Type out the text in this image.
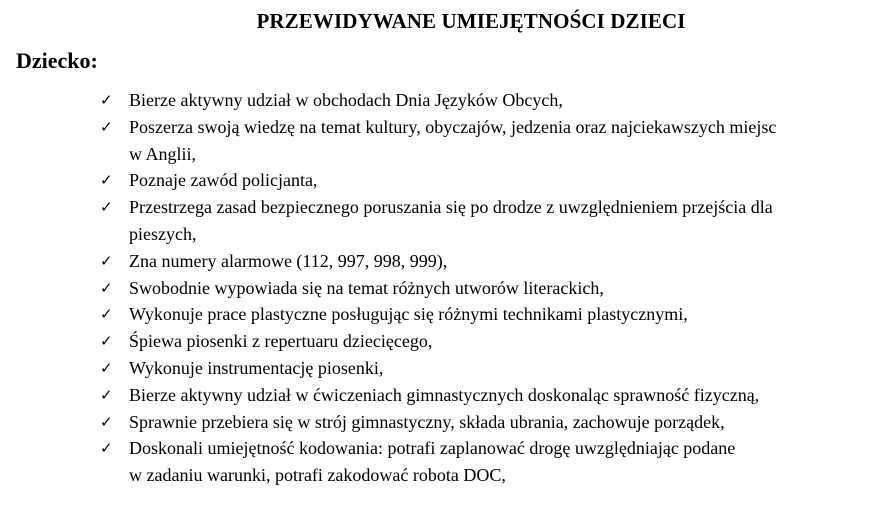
PRZEWIDYWANE UMIEJĘTNOŚCI DZIECI
Dziecko:
✓ Bierze aktywny udział w obchodach Dnia Języków Obcych,
✓ Poszerza swoją wiedzę na temat kultury, obyczajów, jedzenia oraz najciekawszych miejsc
w Anglii,
✓ Poznaje zawód policjanta,
✓ Przestrzega zasad bezpiecznego poruszania się po drodze z uwzględnieniem przejścia dla
pieszych,
✓ Zna numery alarmowe (112, 997, 998, 999),
✓ Swobodnie wypowiada się na temat różnych utworów literackich,
✓ Wykonuje prace plastyczne posługując się różnymi technikami plastycznymi,
✓ Śpiewa piosenki z repertuaru dziecięcego,
✓ Wykonuje instrumentację piosenki,
✓ Bierze aktywny udział w ćwiczeniach gimnastycznych doskonaląc sprawność fizyczną,
✓ Sprawnie przebiera się w strój gimnastyczny, składa ubrania, zachowuje porządek,
✓ Doskonali umiejętność kodowania: potrafi zaplanować drogę uwzględniając podane
w zadaniu warunki, potrafi zakodować robota DOC,
